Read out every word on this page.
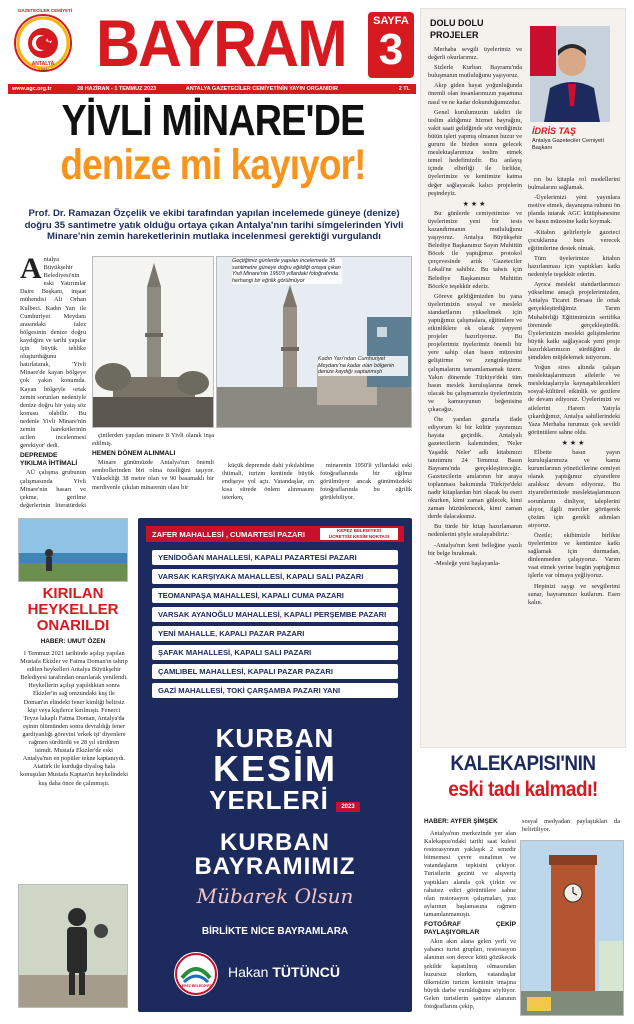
GAZETECİLER CEMİYETİ
ANTALYA
1984 BAYRAM	SAYFA
3
www.agc.org.tr	28 HAZİRAN - 1 TEMMUZ 2023	ANTALYA GAZETECİLER CEMİYETİNİN YAYIN ORGANIDIR	2 TL
YİVLİ MİNARE'DE
denize mi kayıyor!
Prof. Dr. Ramazan Özçelik ve ekibi tarafından yapılan incelemede güneye (denize) doğru 35 santimetre yatık olduğu ortaya çıkan Antalya'nın tarihi simgelerinden Yivli Minare'nin zemin hareketlerinin mutlaka incelenmesi gerektiği vurgulandı
A ntalya Büyükşehir Belediyesi'nin eski Yatırımlar Daire Başkanı, inşaat mühendisi Ali Orhan Kulbeci. Kadın Yarı ile Cumhuriyet Meydanı arasındaki falez bölgesinin denize doğru kaydığını ve tarihi yapılar için büyük tehlike oluşturduğunu hatırlatarak, 'Yivli Minare'de kayan bölgeye çok yakın konumda. Kayan bölgeyle ortak zemin sorunları nedeniyle denize doğru bir yatış söz konusu olabilir. Bu nedenle Yivli Minare'nin zemin hareketlerinin acilen incelenmesi gerekiyor' dedi.
DEPREMDE YIKILMA İHTİMALİ

AÜ çalışma grubunun çalışmasında Yivli Minare'nin hasarı ve çekme, gerilme değerlerinin literatürdeki

Geçtiğimiz günlerde yapılan incelemede 35 santimetre güneye doğru eğildiği ortaya çıkan Yivli Minare'nin 1950'li yıllardaki fotoğrafında herhangi bir eğrilik görülmüyor
Kadın Yarı'ndan Cumhuriyet Meydanı'na kadar olan bölgenin denize kaydığı saptanmıştı

çinilerden yapılan minare 8 Yivli olarak inşa edilmiş.

HEMEN DÖNEM ALINMALI

Minare günümüzde Antalya'nın önemli sembollerinden biri olma özelliğini taşıyor. Yüksekliği 38 metre olan ve 90 basamaklı bir merdivenle çıkılan minarenin olası bir

küçük depremde dahi yıkılabilme ihtimali, turizm kentinde büyük endişeye yol açtı. Vatandaşlar, en kısa sürede önlem alınmasını isterken,

minarenin 1950'li yıllardaki eski fotoğraflarında bir eğilme görülmüyor ancak günümüzdeki fotoğraflarında bu eğrilik görülebiliyor.

KIRILAN
HEYKELLER
ONARILDI
HABER: UMUT ÖZEN

1 Temmuz 2021 tarihinde açılışı yapılan Mustafa Ekizler ve Fatma Doman'ın tahrip edilen heykelleri Antalya Büyükşehir Belediyesi tarafından onarılarak yenilendi. Heykellerin açılışı yapıldıktan sonra Ekizler'in sağ omzundaki kuş ile Doman'ın elindeki fener kimliği belirsiz kişi veya kişilerce kırılmıştı. Fenerci Teyze lakaplı Fatma Doman, Antalya'da eşinin ölümünden sonra devraldığı fener gardiyanlığı görevini 'erkek işi' diyenlere rağmen sürdürdü ve 28 yıl sürdüren isimdi. Mustafa Ekizler'de eski Antalya'nın en popüler tekne kaptanıydı. Atatürk ile kurduğu diyalog hala konuşulan Mustafa Kaptan'ın heykelindeki kuş daha önce de çalınmıştı.

ZAFER MAHALLESİ , CUMARTESİ PAZARI	KEPEZ BELEDİYESİ
ÜCRETSİZ KESİM NOKTASI
YENİDOĞAN MAHALLESİ, KAPALI PAZARTESİ PAZARI
VARSAK KARŞIYAKA MAHALLESİ, KAPALI SALI PAZARI
TEOMANPAŞA MAHALLESİ, KAPALI CUMA PAZARI
VARSAK AYANOĞLU MAHALLESİ, KAPALI PERŞEMBE PAZARI
YENİ MAHALLE, KAPALI PAZAR PAZARI
ŞAFAK MAHALLESİ, KAPALI SALI PAZARI
ÇAMLIBEL MAHALLESİ, KAPALI PAZAR PAZARI
GAZİ MAHALLESİ, TOKİ ÇARŞAMBA PAZARI YANI
KURBAN
KESİM
YERLERİ	2023
KURBAN
BAYRAMIMIZ
Mübarek Olsun
BİRLİKTE NİCE BAYRAMLARA
KEPEZ BELEDİYESİ
Hakan TÜTÜNCÜ
DOLU DOLU
PROJELER
İDRİS TAŞ
Antalya Gazeteciler Cemiyeti Başkanı

Merhaba sevgili üyelerimiz ve değerli okurlarımız.

Sizlerle Kurban Bayramı'nda buluşmanın mutluluğunu yaşıyoruz.

Akıp giden hayat yoğunluğunda önemli olan insanlarımızın yaşamına nasıl ve ne kadar dokunduğumuzdur.

Genel kurulumuzun takdiri ile teslim aldığımız hizmet bayrağını, vakit saati gelidğinde söz verdiğimiz bütün işleri yapmış olmanın huzur ve gururu ile bizden sonra gelecek meslektaşlarımıza teslim etmek temel hedefimizdir. Bu anlayış içinde elbirliği ile birlikte, üyelerimize ve kentimize katma değer sağlayacak kalıcı projelerin peşindeyiz.

★★★

Bu günlerde cemiyetimize ve üyelerimize yeni bir tesis kazandırmanın mutluluğunu yaşıyoruz. Antalya Büyükşehir Belediye Başkanımız Sayın Muhittin Böcek ile yaptığımız protokol çerçevesinde artık 'Gazeteciler Lokali'ne sahibiz. Bu tahsis için Belediye Başkanımız Muhittin Böcek'e teşekkür ederiz.

Göreve geldiğimizden bu yana üyelerimizin sosyal ve mesleki standartlarını yükseltmek için yaptığımız çalışmalara, eğitimlere ve etkinliklere ek olarak yepyeni projeler hazırlıyoruz. Bu projelerimiz üyelerimiz önemli bir yere sahip olan basın müzesini geliştirme ve zenginleştirme çalışmalarını tamamlamamak üzere. Yakın dönemde Türkiye'deki tüm basın meslek kuruluşlarına örnek olacak bu çalışmamızla üyelerimizin ve kamuoyunun beğenisine çıkacağız.

Öte yandan gururla ifade ediyorum ki bir kültür yayınımızı hayata geçirdik. Antalyalı gazetecilerin kaleminden, 'Neler Yaşadık Neler' adlı kitabımızı tanıtımını 24 Temmuz Basın Bayramı'nda gerçekleştireceğiz. Gazetecilerin anılarının bir araya toplanması bakımında Türkiye'deki nadir kitaplardan biri olacak bu eseri okurken, kimi zaman gülecek, kimi zaman hüzünlenecek, kimi zaman derde dalacaksınız.

Bu türde bir kitap hazırlamanın nedenlerini şöyle sıralayabiliriz:

-Antalya'nın kent belleğine yazılı bir belge bırakmak.

-Mesleğe yeni başlayanla-

rın bu kitapla rol modellerini bulmalarını sağlamak.

-Üyelerimizi yeni yayınlara motive etmek, dayanışma ruhunu ön planda tutarak AGC kütüphanesine ve basın müzesine katkı koymak.

-Kitabın gelirleriyle gazeteci çocuklarına burs verecek eğitimlerine destek olmak.

Tüm üyelerimize kitabın hazırlanması için yaptıkları katkı nedeniyle teşekkür ederim.

Ayrıca mesleki standartlarımızı yükseltme amaçlı projelerimizden, Antalya Ticaret Borsası ile ortak gerçekleştirdiğimiz Tarım Muhabirliği Eğitimimizin sertifika töreninde gerçekleştirdik. Üyelerimizin mesleki gelişimlerine büyük katkı sağlayacak yeni proje hazırlıklarımızın sürdüğünü de şimdiden müjdelemek istiyorum.

Yoğun stres altında çalışan meslektaşlarımızın ailelerle ve meslektaşlarıyla kaynaşabilecekleri sosyal-kültürel etkinlik ve gezilere de devam ediyoruz. Üyelerimizi ve ailelerini Harem Yatıyla çıkardığımız, Antalya sahillerindeki Yaza Merhaba turumuz çok sevildi görüntülere sahne oldu.

★★★

Elbette basın yayın kuruluşlarımıza ve kamu kurumlarının yöneticilerine cemiyet olarak yaptığımız ziyaretlere aralıksız devam ediyoruz. Bu ziyaretlerimizde meslektaşlarımızın sorunlarını dinliyor, taleplerini alıyor, ilgili merciler görüşerek çözüm için gerekli adımları atıyoruz.

Özetle; ekibimizle birlikte üyelerimize ve kentimize katkı sağlamak için durmadan, dinlenmeden çalışıyoruz. Varım vaat etmek yerine bugün yaptığımız işlerle var olmaya yeğliyoruz.

Hepinizi saygı ve sevgilerimi sunar, bayramınızı kutlarım. Esen kalın.

KALEKAPISI'NIN
eski tadı kalmadı!
HABER: AYFER ŞİMŞEK

Antalya'nın merkezinde yer alan Kalekapısı'ndaki tarihi saat kulesi restorasyonun yaklaşık 2 senedir bitmemesi çevre esnafının ve vatandaşların tepkisini çekiyor. Turistlerin gezinti ve alışveriş yaptıkları alanda çok çirkin ve rahatsız edici görüntülere sahne olan restorasyon çalışmaları, yaz aylarının başlamasına rağmen tamamlanmamıştı.

FOTOĞRAF ÇEKİP PAYLAŞIYORLAR

Akın akın alana gelen yerli ve yabancı turist grupları, restorasyon alanının son derece kötü gözükecek şekilde kapatılmış olmasından huzursuz olurken, vatandaşlar ülkemizin turizm kentinin imajına büyük darbe vurulduğunu söylüyor. Gelen turistlerin şantiye alanının fotoğraflarını çekip,

sosyal medyadan paylaştıkları da belirtiliyor.
